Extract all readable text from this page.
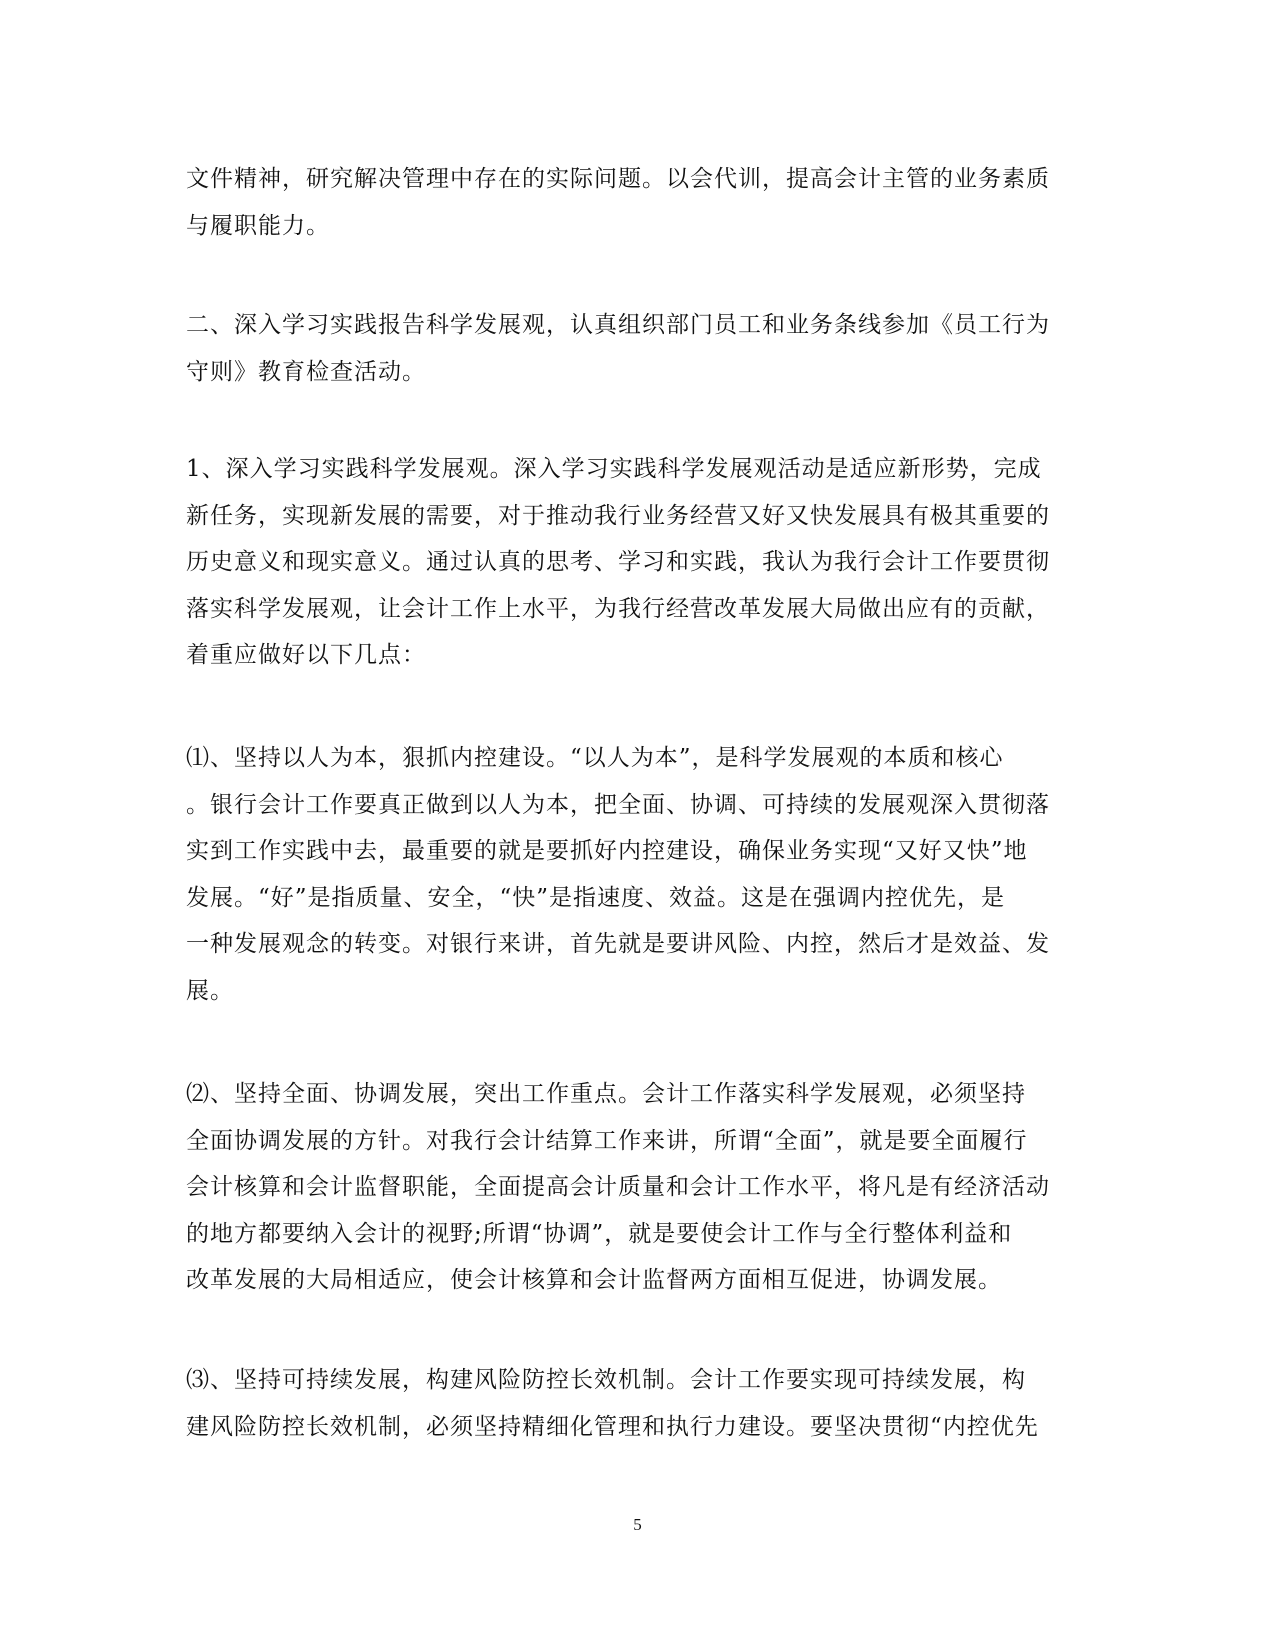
文件精神，研究解决管理中存在的实际问题。以会代训，提高会计主管的业务素质
与履职能力。

二、深入学习实践报告科学发展观，认真组织部门员工和业务条线参加《员工行为
守则》教育检查活动。

1、深入学习实践科学发展观。深入学习实践科学发展观活动是适应新形势，完成
新任务，实现新发展的需要，对于推动我行业务经营又好又快发展具有极其重要的
历史意义和现实意义。通过认真的思考、学习和实践，我认为我行会计工作要贯彻
落实科学发展观，让会计工作上水平，为我行经营改革发展大局做出应有的贡献，
着重应做好以下几点：

⑴、坚持以人为本，狠抓内控建设。“以人为本”，是科学发展观的本质和核心
。银行会计工作要真正做到以人为本，把全面、协调、可持续的发展观深入贯彻落
实到工作实践中去，最重要的就是要抓好内控建设，确保业务实现“又好又快”地
发展。“好”是指质量、安全，“快”是指速度、效益。这是在强调内控优先，是
一种发展观念的转变。对银行来讲，首先就是要讲风险、内控，然后才是效益、发
展。

⑵、坚持全面、协调发展，突出工作重点。会计工作落实科学发展观，必须坚持
全面协调发展的方针。对我行会计结算工作来讲，所谓“全面”，就是要全面履行
会计核算和会计监督职能，全面提高会计质量和会计工作水平，将凡是有经济活动
的地方都要纳入会计的视野;所谓“协调”，就是要使会计工作与全行整体利益和
改革发展的大局相适应，使会计核算和会计监督两方面相互促进，协调发展。

⑶、坚持可持续发展，构建风险防控长效机制。会计工作要实现可持续发展，构
建风险防控长效机制，必须坚持精细化管理和执行力建设。要坚决贯彻“内控优先

5
